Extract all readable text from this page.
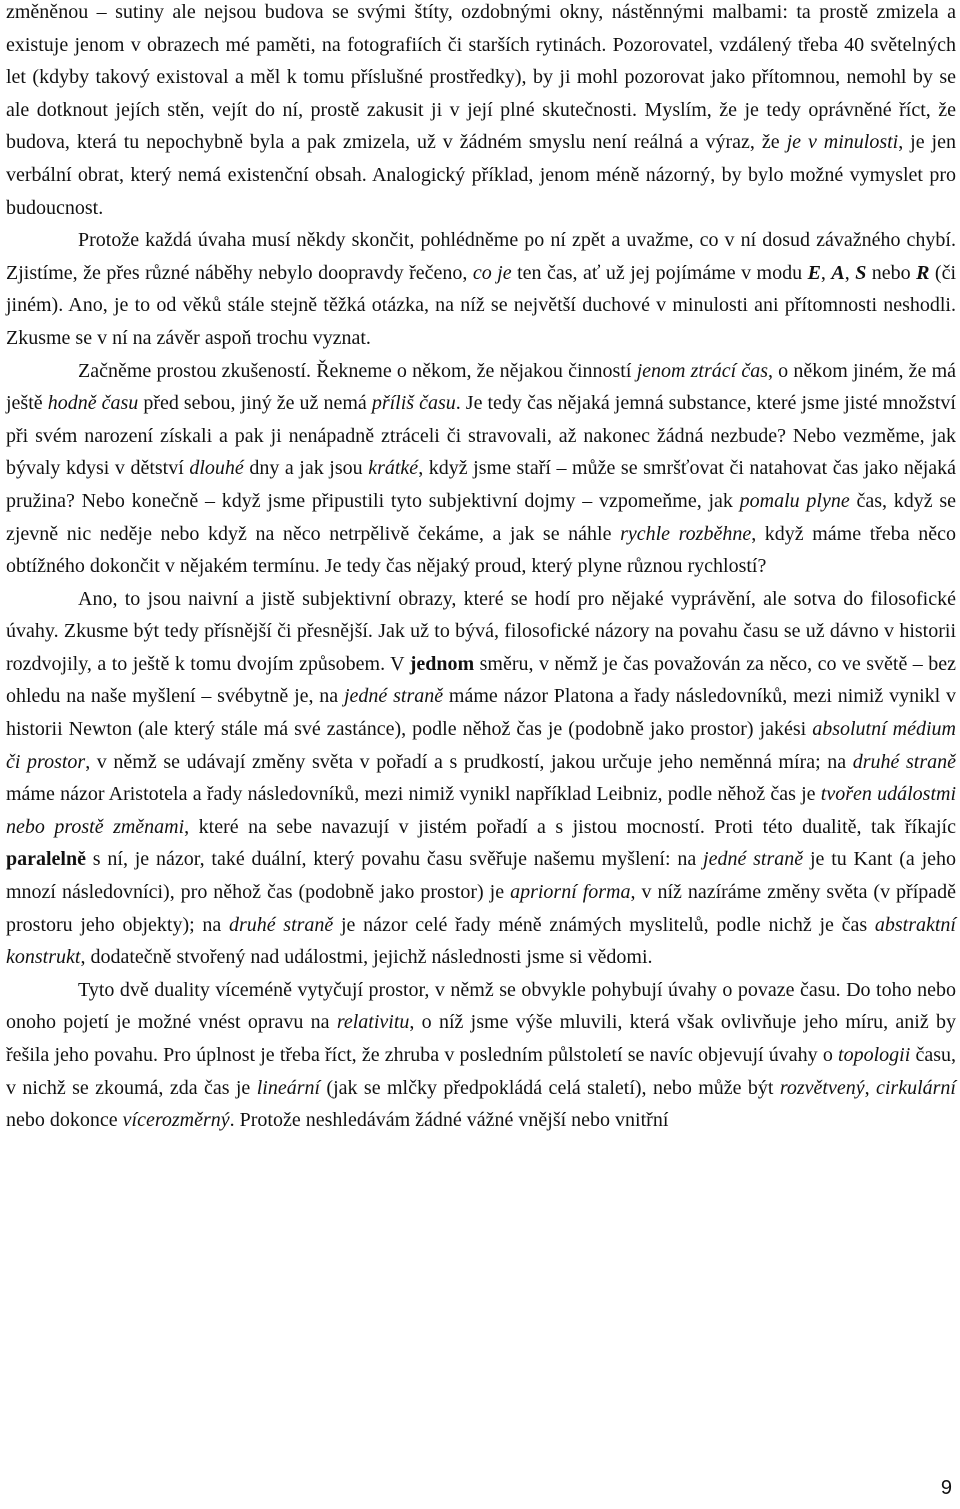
změněnou – sutiny ale nejsou budova se svými štíty, ozdobnými okny, nástěnnými malbami: ta prostě zmizela a existuje jenom v obrazech mé paměti, na fotografiích či starších rytinách. Pozorovatel, vzdálený třeba 40 světelných let (kdyby takový existoval a měl k tomu příslušné prostředky), by ji mohl pozorovat jako přítomnou, nemohl by se ale dotknout jejích stěn, vejít do ní, prostě zakusit ji v její plné skutečnosti. Myslím, že je tedy oprávněné říct, že budova, která tu nepochybně byla a pak zmizela, už v žádném smyslu není reálná a výraz, že je v minulosti, je jen verbální obrat, který nemá existenční obsah. Analogický příklad, jenom méně názorný, by bylo možné vymyslet pro budoucnost.

Protože každá úvaha musí někdy skončit, pohlédněme po ní zpět a uvažme, co v ní dosud závažného chybí. Zjistíme, že přes různé náběhy nebylo doopravdy řečeno, co je ten čas, ať už jej pojímáme v modu E, A, S nebo R (či jiném). Ano, je to od věků stále stejně těžká otázka, na níž se největší duchové v minulosti ani přítomnosti neshodli. Zkusme se v ní na závěr aspoň trochu vyznat.

Začněme prostou zkušeností. Řekneme o někom, že nějakou činností jenom ztrácí čas, o někom jiném, že má ještě hodně času před sebou, jiný že už nemá příliš času. Je tedy čas nějaká jemná substance, které jsme jisté množství při svém narození získali a pak ji nenápadně ztráceli či stravovali, až nakonec žádná nezbude? Nebo vezměme, jak bývaly kdysi v dětství dlouhé dny a jak jsou krátké, když jsme staří – může se smršťovat či natahovat čas jako nějaká pružina? Nebo konečně – když jsme připustili tyto subjektivní dojmy – vzpomeňme, jak pomalu plyne čas, když se zjevně nic neděje nebo když na něco netrpělivě čekáme, a jak se náhle rychle rozběhne, když máme třeba něco obtížného dokončit v nějakém termínu. Je tedy čas nějaký proud, který plyne různou rychlostí?

Ano, to jsou naivní a jistě subjektivní obrazy, které se hodí pro nějaké vyprávění, ale sotva do filosofické úvahy. Zkusme být tedy přísnější či přesnější. Jak už to bývá, filosofické názory na povahu času se už dávno v historii rozdvojily, a to ještě k tomu dvojím způsobem. V jednom směru, v němž je čas považován za něco, co ve světě – bez ohledu na naše myšlení – svébytně je, na jedné straně máme názor Platona a řady následovníků, mezi nimiž vynikl v historii Newton (ale který stále má své zastánce), podle něhož čas je (podobně jako prostor) jakési absolutní médium či prostor, v němž se udávají změny světa v pořadí a s prudkostí, jakou určuje jeho neměnná míra; na druhé straně máme názor Aristotela a řady následovníků, mezi nimiž vynikl například Leibniz, podle něhož čas je tvořen událostmi nebo prostě změnami, které na sebe navazují v jistém pořadí a s jistou mocností. Proti této dualitě, tak říkajíc paralelně s ní, je názor, také duální, který povahu času svěřuje našemu myšlení: na jedné straně je tu Kant (a jeho mnozí následovníci), pro něhož čas (podobně jako prostor) je apriorní forma, v níž nazíráme změny světa (v případě prostoru jeho objekty); na druhé straně je názor celé řady méně známých myslitelů, podle nichž je čas abstraktní konstrukt, dodatečně stvořený nad událostmi, jejichž následnosti jsme si vědomi.

Tyto dvě duality víceméně vytyčují prostor, v němž se obvykle pohybují úvahy o povaze času. Do toho nebo onoho pojetí je možné vnést opravu na relativitu, o níž jsme výše mluvili, která však ovlivňuje jeho míru, aniž by řešila jeho povahu. Pro úplnost je třeba říct, že zhruba v posledním půlstoletí se navíc objevují úvahy o topologii času, v nichž se zkoumá, zda čas je lineární (jak se mlčky předpokládá celá staletí), nebo může být rozvětvený, cirkulární nebo dokonce vícerozměrný. Protože neshledávám žádné vážné vnější nebo vnitřní

9
